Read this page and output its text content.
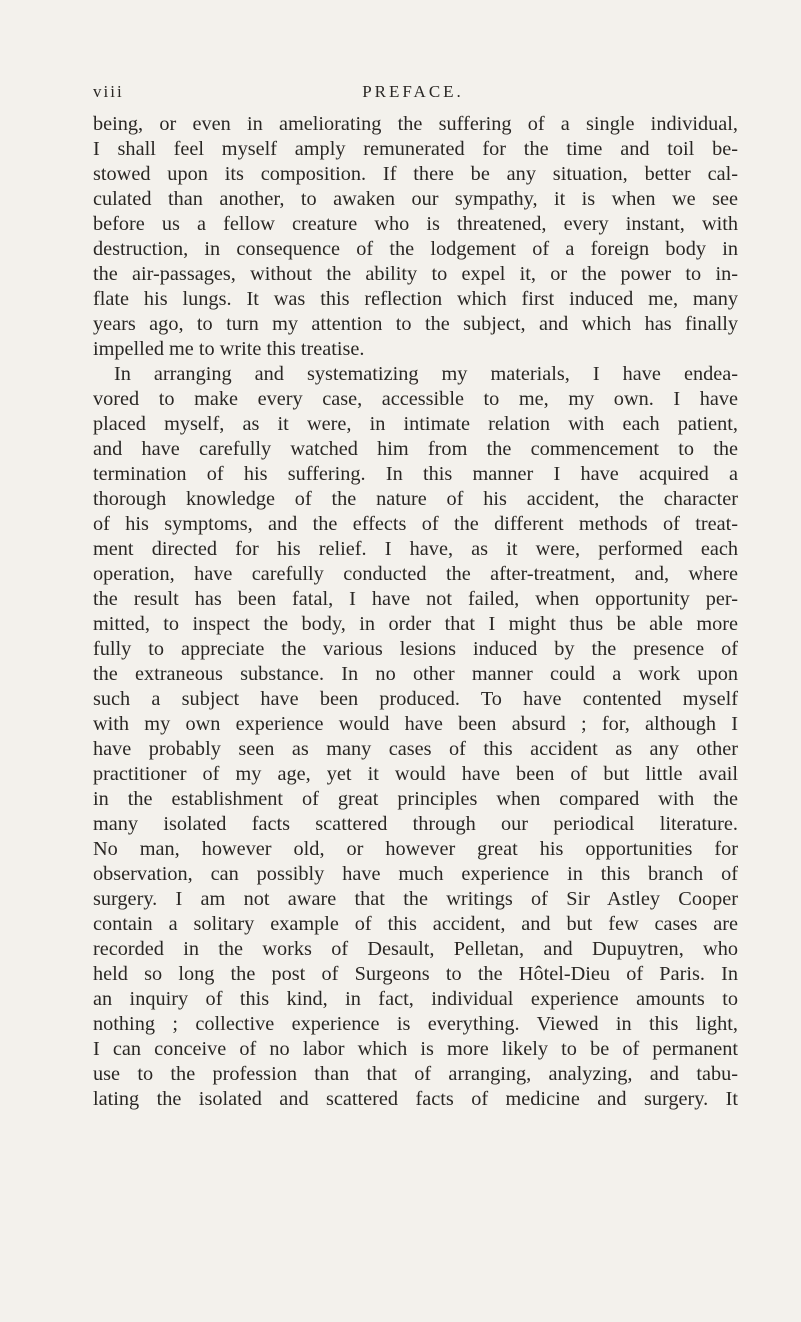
viii	PREFACE.
being, or even in ameliorating the suffering of a single individual,
I shall feel myself amply remunerated for the time and toil be-
stowed upon its composition. If there be any situation, better cal-
culated than another, to awaken our sympathy, it is when we see
before us a fellow creature who is threatened, every instant, with
destruction, in consequence of the lodgement of a foreign body in
the air-passages, without the ability to expel it, or the power to in-
flate his lungs. It was this reflection which first induced me, many
years ago, to turn my attention to the subject, and which has finally
impelled me to write this treatise.
In arranging and systematizing my materials, I have endea-
vored to make every case, accessible to me, my own. I have
placed myself, as it were, in intimate relation with each patient,
and have carefully watched him from the commencement to the
termination of his suffering. In this manner I have acquired a
thorough knowledge of the nature of his accident, the character
of his symptoms, and the effects of the different methods of treat-
ment directed for his relief. I have, as it were, performed each
operation, have carefully conducted the after-treatment, and, where
the result has been fatal, I have not failed, when opportunity per-
mitted, to inspect the body, in order that I might thus be able more
fully to appreciate the various lesions induced by the presence of
the extraneous substance. In no other manner could a work upon
such a subject have been produced. To have contented myself
with my own experience would have been absurd ; for, although I
have probably seen as many cases of this accident as any other
practitioner of my age, yet it would have been of but little avail
in the establishment of great principles when compared with the
many isolated facts scattered through our periodical literature.
No man, however old, or however great his opportunities for
observation, can possibly have much experience in this branch of
surgery. I am not aware that the writings of Sir Astley Cooper
contain a solitary example of this accident, and but few cases are
recorded in the works of Desault, Pelletan, and Dupuytren, who
held so long the post of Surgeons to the Hôtel-Dieu of Paris. In
an inquiry of this kind, in fact, individual experience amounts to
nothing ; collective experience is everything. Viewed in this light,
I can conceive of no labor which is more likely to be of permanent
use to the profession than that of arranging, analyzing, and tabu-
lating the isolated and scattered facts of medicine and surgery. It
